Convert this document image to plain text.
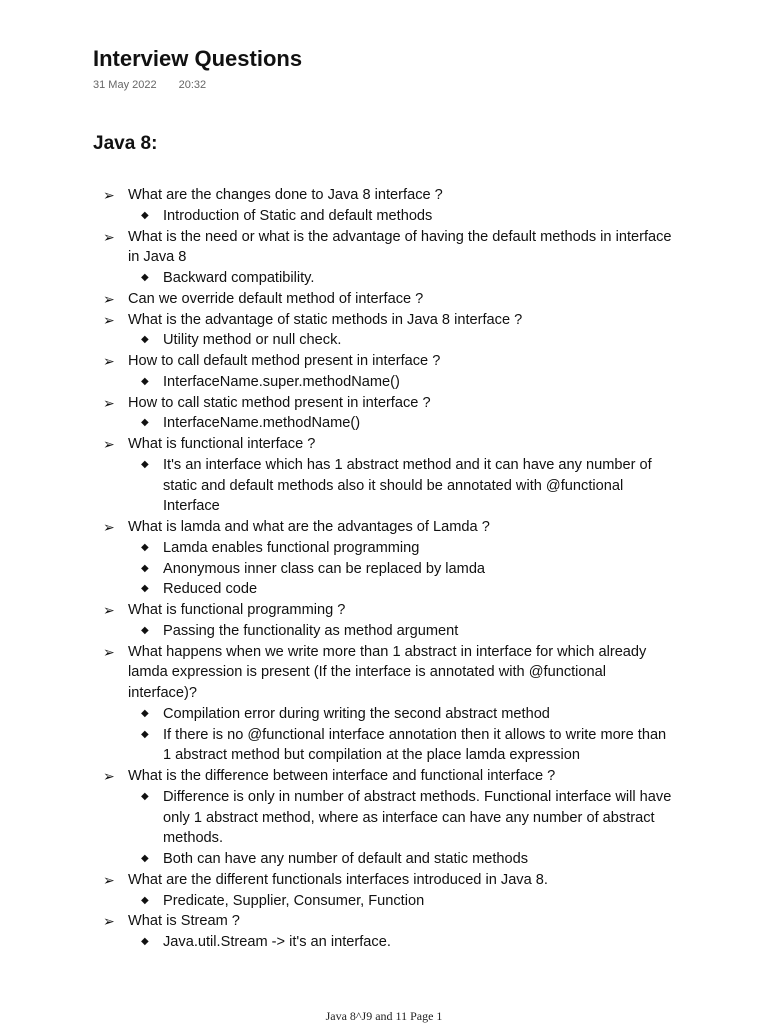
Interview Questions
31 May 2022 20:32
Java 8:
➢ What are the changes done to Java 8 interface ?
◆ Introduction of Static and default methods
➢ What is the need or what is the advantage of having the default methods in interface in Java 8
◆ Backward compatibility.
➢ Can we override default method of interface ?
➢ What is the advantage of static methods in Java 8 interface ?
◆ Utility method or null check.
➢ How to call default method present in interface ?
◆ InterfaceName.super.methodName()
➢ How to call static method present in interface ?
◆ InterfaceName.methodName()
➢ What is functional interface ?
◆ It's an interface which has 1 abstract method and it can have any number of static and default methods also it should be annotated with @functional Interface
➢ What is lamda and what are the advantages of Lamda ?
◆ Lamda enables functional programming
◆ Anonymous inner class can be replaced by lamda
◆ Reduced code
➢ What is functional programming ?
◆ Passing the functionality as method argument
➢ What happens when we write more than 1 abstract in interface for which already lamda expression is present (If the interface is annotated with @functional interface)?
◆ Compilation error during writing the second abstract method
◆ If there is no @functional interface annotation then it allows to write more than 1 abstract method but compilation at the place lamda expression
➢ What is the difference between interface and functional interface ?
◆ Difference is only in number of abstract methods. Functional interface will have only 1 abstract method, where as interface can have any number of abstract methods.
◆ Both can have any number of default and static methods
➢ What are the different functionals interfaces introduced in Java 8.
◆ Predicate, Supplier, Consumer, Function
➢ What is Stream ?
◆ Java.util.Stream -> it's an interface.
Java 8^J9 and 11 Page 1
